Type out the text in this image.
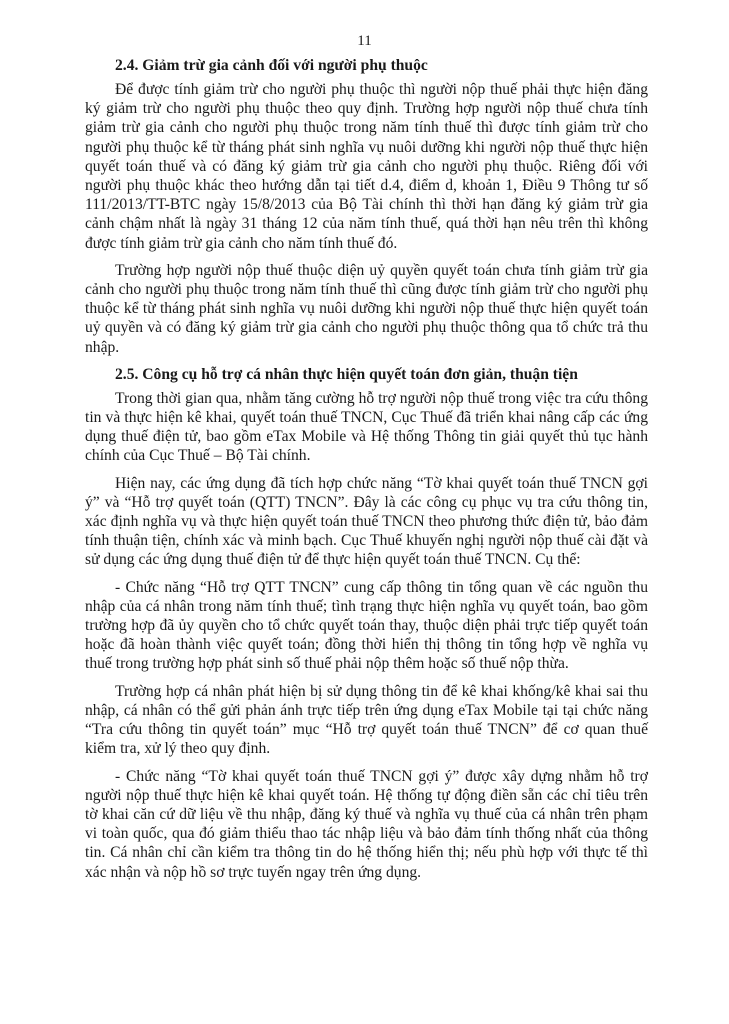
11
2.4. Giảm trừ gia cảnh đối với người phụ thuộc

Để được tính giảm trừ cho người phụ thuộc thì người nộp thuế phải thực hiện đăng ký giảm trừ cho người phụ thuộc theo quy định. Trường hợp người nộp thuế chưa tính giảm trừ gia cảnh cho người phụ thuộc trong năm tính thuế thì được tính giảm trừ cho người phụ thuộc kể từ tháng phát sinh nghĩa vụ nuôi dưỡng khi người nộp thuế thực hiện quyết toán thuế và có đăng ký giảm trừ gia cảnh cho người phụ thuộc. Riêng đối với người phụ thuộc khác theo hướng dẫn tại tiết d.4, điểm d, khoản 1, Điều 9 Thông tư số 111/2013/TT-BTC ngày 15/8/2013 của Bộ Tài chính thì thời hạn đăng ký giảm trừ gia cảnh chậm nhất là ngày 31 tháng 12 của năm tính thuế, quá thời hạn nêu trên thì không được tính giảm trừ gia cảnh cho năm tính thuế đó.

Trường hợp người nộp thuế thuộc diện uỷ quyền quyết toán chưa tính giảm trừ gia cảnh cho người phụ thuộc trong năm tính thuế thì cũng được tính giảm trừ cho người phụ thuộc kể từ tháng phát sinh nghĩa vụ nuôi dưỡng khi người nộp thuế thực hiện quyết toán uỷ quyền và có đăng ký giảm trừ gia cảnh cho người phụ thuộc thông qua tổ chức trả thu nhập.

2.5. Công cụ hỗ trợ cá nhân thực hiện quyết toán đơn giản, thuận tiện

Trong thời gian qua, nhằm tăng cường hỗ trợ người nộp thuế trong việc tra cứu thông tin và thực hiện kê khai, quyết toán thuế TNCN, Cục Thuế đã triển khai nâng cấp các ứng dụng thuế điện tử, bao gồm eTax Mobile và Hệ thống Thông tin giải quyết thủ tục hành chính của Cục Thuế – Bộ Tài chính.

Hiện nay, các ứng dụng đã tích hợp chức năng “Tờ khai quyết toán thuế TNCN gợi ý” và “Hỗ trợ quyết toán (QTT) TNCN”. Đây là các công cụ phục vụ tra cứu thông tin, xác định nghĩa vụ và thực hiện quyết toán thuế TNCN theo phương thức điện tử, bảo đảm tính thuận tiện, chính xác và minh bạch. Cục Thuế khuyến nghị người nộp thuế cài đặt và sử dụng các ứng dụng thuế điện tử để thực hiện quyết toán thuế TNCN. Cụ thể:

- Chức năng “Hỗ trợ QTT TNCN” cung cấp thông tin tổng quan về các nguồn thu nhập của cá nhân trong năm tính thuế; tình trạng thực hiện nghĩa vụ quyết toán, bao gồm trường hợp đã ủy quyền cho tổ chức quyết toán thay, thuộc diện phải trực tiếp quyết toán hoặc đã hoàn thành việc quyết toán; đồng thời hiển thị thông tin tổng hợp về nghĩa vụ thuế trong trường hợp phát sinh số thuế phải nộp thêm hoặc số thuế nộp thừa.

Trường hợp cá nhân phát hiện bị sử dụng thông tin để kê khai khống/kê khai sai thu nhập, cá nhân có thể gửi phản ánh trực tiếp trên ứng dụng eTax Mobile tại tại chức năng “Tra cứu thông tin quyết toán” mục “Hỗ trợ quyết toán thuế TNCN” để cơ quan thuế kiểm tra, xử lý theo quy định.

- Chức năng “Tờ khai quyết toán thuế TNCN gợi ý” được xây dựng nhằm hỗ trợ người nộp thuế thực hiện kê khai quyết toán. Hệ thống tự động điền sẵn các chỉ tiêu trên tờ khai căn cứ dữ liệu về thu nhập, đăng ký thuế và nghĩa vụ thuế của cá nhân trên phạm vi toàn quốc, qua đó giảm thiểu thao tác nhập liệu và bảo đảm tính thống nhất của thông tin. Cá nhân chỉ cần kiểm tra thông tin do hệ thống hiển thị; nếu phù hợp với thực tế thì xác nhận và nộp hồ sơ trực tuyến ngay trên ứng dụng.
